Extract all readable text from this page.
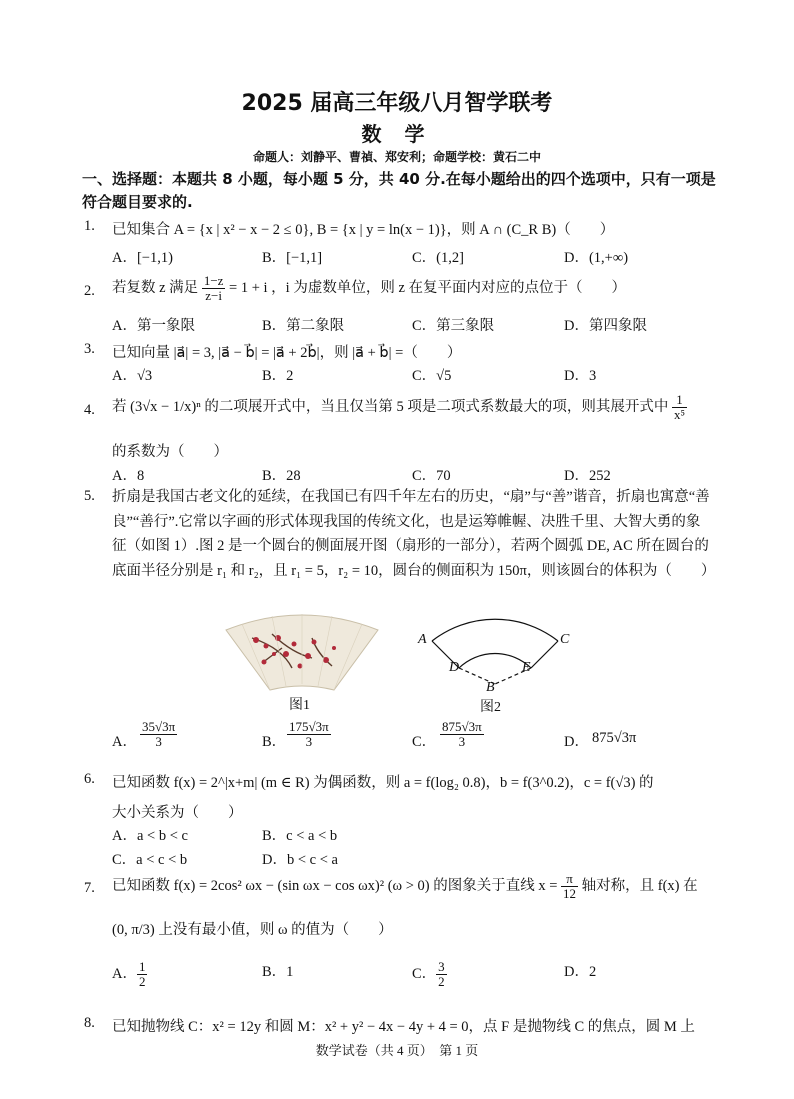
2025 届高三年级八月智学联考
数 学
命题人：刘静平、曹禎、郑安利；命题学校：黄石二中
一、选择题：本题共 8 小题，每小题 5 分，共 40 分.在每小题给出的四个选项中，只有一项是符合题目要求的.
1. 已知集合 A = {x | x² − x − 2 ≤ 0}, B = {x | y = ln(x − 1)}，则 A ∩ (C_R B)（　　）
A．[−1,1)	B．[−1,1]	C．(1,2]	D．(1,+∞)
2. 若复数 z 满足 $\frac{1-z}{z-i} = 1 + i$ ，i 为虚数单位，则 z 在复平面内对应的点位于（　　）
A．第一象限	B．第二象限	C．第三象限	D．第四象限
3. 已知向量 |a⃗| = 3, |a⃗ − b⃗| = |a⃗ + 2b⃗|，则 |a⃗ + b⃗| =（　　）
A．√3	B．2	C．√5	D．3
4. 若 (3√x − 1/x)ⁿ 的二项展开式中，当且仅当第 5 项是二项式系数最大的项，则其展开式中 $\frac{1}{\text{x⁵}}$
的系数为（　　）
A．8	B．28	C．70	D．252
5. 折扇是我国古老文化的延续，在我国已有四千年左右的历史，“扇”与“善”谐音，折扇也寓意“善良”“善行”.它常以字画的形式体现我国的传统文化，也是运筹帷幄、决胜千里、大智大勇的象征（如图 1）.图 2 是一个圆台的侧面展开图（扇形的一部分），若两个圆弧 DE, AC 所在圆台的底面半径分别是 r₁ 和 r₂，且 r₁ = 5，r₂ = 10，圆台的侧面积为 150π，则该圆台的体积为（　　）
图1
A	C
D	E
B
图2
A． $\frac{35√3\pi}{3}$	B． $\frac{175√3\pi}{3}$	C． $\frac{875√3\pi}{3}$	D． 875√3π
6. 已知函数 f(x) = 2^|x+m| (m ∈ R) 为偶函数，则 a = f(log₂ 0.8)，b = f(3^0.2)，c = f(√3) 的
大小关系为（　　）
A．a < b < c	B．c < a < b
C．a < c < b	D．b < c < a
7. 已知函数 f(x) = 2cos² ωx − (sin ωx − cos ωx)² (ω > 0) 的图象关于直线 $x = \frac{\pi}{12}$ 轴对称，且 f(x) 在
(0, π/3) 上没有最小值，则 ω 的值为（　　）
A． $\frac{1}{2}$	B．1	C． $\frac{3}{2}$	D．2
8. 已知抛物线 C：x² = 12y 和圆 M：x² + y² − 4x − 4y + 4 = 0，点 F 是抛物线 C 的焦点，圆 M 上
数学试卷（共 4 页）　第 1 页
